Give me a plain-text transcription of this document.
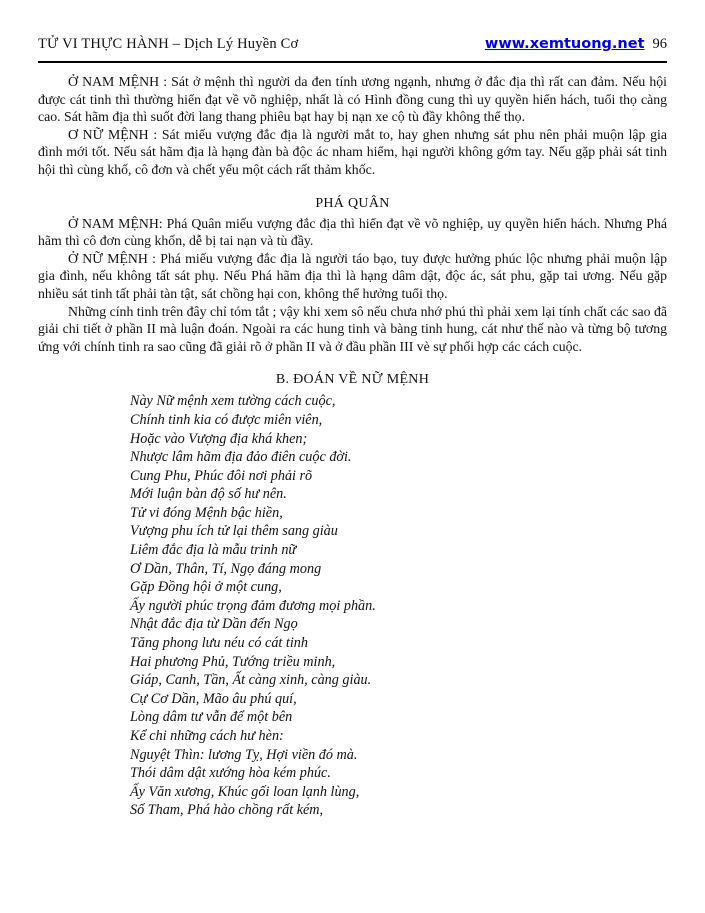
TỬ VI THỰC HÀNH – Dịch Lý Huyền Cơ	www.xemtuong.net 96

Ở NAM MỆNH : Sát ở mệnh thì người da đen tính ương ngạnh, nhưng ở đắc địa thì rất can đảm. Nếu hội được cát tinh thì thường hiển đạt về võ nghiệp, nhất là có Hình đồng cung thì uy quyền hiển hách, tuổi thọ càng cao. Sát hãm địa thì suốt đời lang thang phiêu bạt hay bị nạn xe cộ tù đầy không thể thọ.

Ơ NỮ MỆNH : Sát miếu vượng đắc địa là người mắt to, hay ghen nhưng sát phu nên phải muộn lập gia đình mới tốt. Nếu sát hãm địa là hạng đàn bà độc ác nham hiểm, hại người không gớm tay. Nếu gặp phải sát tinh hội thì cùng khố, cô đơn và chết yểu một cách rất thảm khốc.

PHÁ QUÂN

Ở NAM MỆNH: Phá Quân miếu vượng đắc địa thì hiển đạt về võ nghiệp, uy quyền hiển hách. Nhưng Phá hãm thì cô đơn cùng khốn, dễ bị tai nạn và tù đầy.

Ở NỮ MỆNH : Phá miếu vượng đắc địa là người táo bạo, tuy được hưởng phúc lộc nhưng phải muộn lập gia đình, nếu không tất sát phụ. Nếu Phá hãm địa thì là hạng dâm dật, độc ác, sát phu, gặp tai ương. Nếu gặp nhiều sát tinh tất phải tàn tật, sát chồng hại con, không thể hưởng tuổi thọ.

Những cính tinh trên đây chỉ tóm tắt ; vậy khi xem sô nếu chưa nhớ phú thì phải xem lại tính chất các sao đã giải chi tiết ở phần II mà luận đoán. Ngoài ra các hung tinh và bàng tinh hung, cát như thế nào và từng bộ tương ứng với chính tinh ra sao cũng đã giải rõ ở phần II và ở đầu phần III vè sự phối hợp các cách cuộc.

B. ĐOÁN VỀ NỮ MỆNH
Này Nữ mệnh xem tường cách cuộc,
Chính tinh kia có được miên viên,
Hoặc vào Vượng địa khá khen;
Nhược lâm hãm địa đảo điên cuộc đời.
Cung Phu, Phúc đôi nơi phải rõ
Mới luận bàn độ số hư nên.
Tử vi đóng Mệnh bậc hiền,
Vượng phu ích tử lại thêm sang giàu
Liêm đắc địa là mẫu trinh nữ
Ơ Dần, Thân, Tí, Ngọ đáng mong
Gặp Đồng hội ở một cung,
Ấy người phúc trọng đảm đương mọi phần.
Nhật đắc địa từ Dần đến Ngọ
Tăng phong lưu néu có cát tinh
Hai phương Phủ, Tướng triều minh,
Giáp, Canh, Tần, Ất càng xinh, càng giàu.
Cự Cơ Dần, Mão âu phú quí,
Lòng dâm tư vẫn để một bên
Kể chi những cách hư hèn:
Nguyệt Thìn: lương Tỵ, Hợi viền đó mà.
Thói dâm dật xướng hòa kém phúc.
Ấy Văn xương, Khúc gối loan lạnh lùng,
Số Tham, Phá hào chồng rất kém,
